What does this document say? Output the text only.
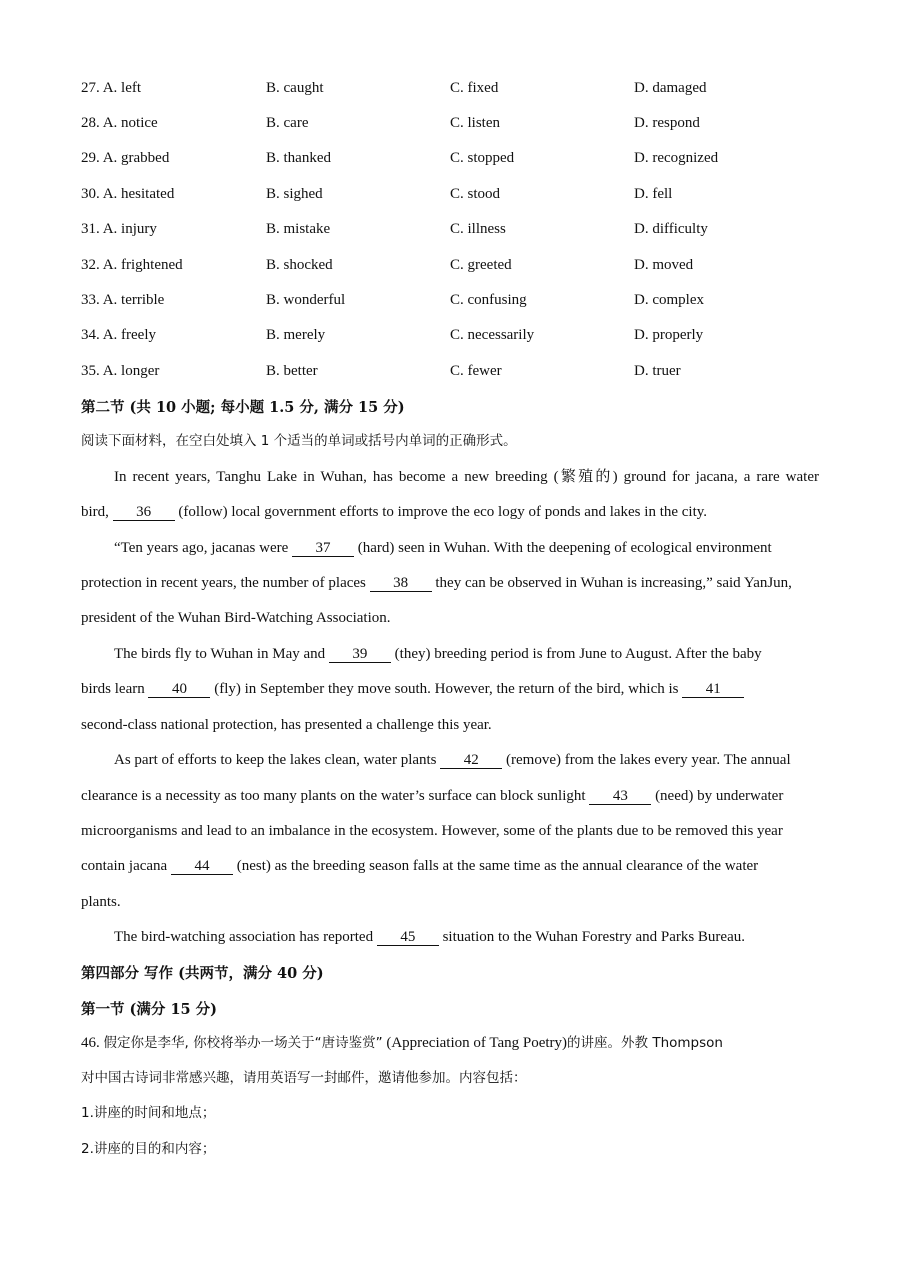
27. A. left	B. caught	C. fixed	D. damaged
28. A. notice	B. care	C. listen	D. respond
29. A. grabbed	B. thanked	C. stopped	D. recognized
30. A. hesitated	B. sighed	C. stood	D. fell
31. A. injury	B. mistake	C. illness	D. difficulty
32. A. frightened	B. shocked	C. greeted	D. moved
33. A. terrible	B. wonderful	C. confusing	D. complex
34. A. freely	B. merely	C. necessarily	D. properly
35. A. longer	B. better	C. fewer	D. truer
第二节 (共 10 小题; 每小题 1.5 分, 满分 15 分)
阅读下面材料，在空白处填入 1 个适当的单词或括号内单词的正确形式。
In recent years, Tanghu Lake in Wuhan, has become a new breeding (繁殖的) ground for jacana, a rare water
bird, 36 (follow) local government efforts to improve the eco logy of ponds and lakes in the city.
“Ten years ago, jacanas were 37 (hard) seen in Wuhan. With the deepening of ecological environment
protection in recent years, the number of places 38 they can be observed in Wuhan is increasing,” said YanJun,
president of the Wuhan Bird-Watching Association.
The birds fly to Wuhan in May and 39 (they) breeding period is from June to August. After the baby
birds learn 40 (fly) in September they move south. However, the return of the bird, which is 41
second-class national protection, has presented a challenge this year.
As part of efforts to keep the lakes clean, water plants 42 (remove) from the lakes every year. The annual
clearance is a necessity as too many plants on the water’s surface can block sunlight 43 (need) by underwater
microorganisms and lead to an imbalance in the ecosystem. However, some of the plants due to be removed this year
contain jacana 44 (nest) as the breeding season falls at the same time as the annual clearance of the water
plants.
The bird-watching association has reported 45 situation to the Wuhan Forestry and Parks Bureau.
第四部分 写作 (共两节，满分 40 分)
第一节 (满分 15 分)
46. 假定你是李华, 你校将举办一场关于“唐诗鉴赏” (Appreciation of Tang Poetry)的讲座。外教 Thompson
对中国古诗词非常感兴趣，请用英语写一封邮件，邀请他参加。内容包括：
1.讲座的时间和地点；
2.讲座的目的和内容；
